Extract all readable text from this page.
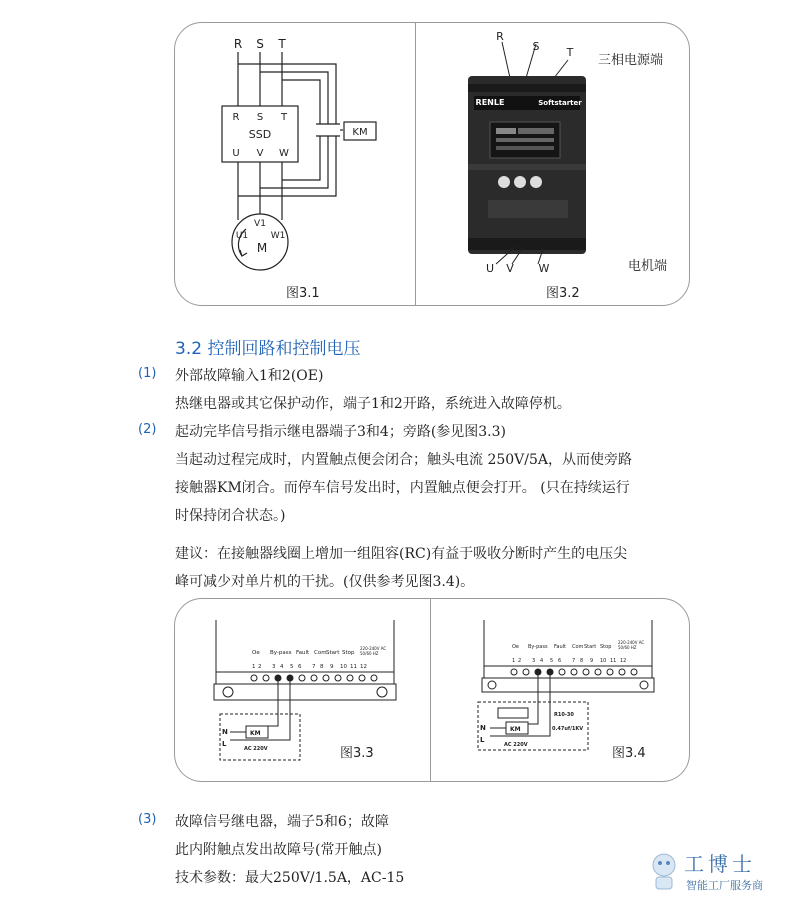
R S T
R S T
SSD
U V W
KM
V1
U1	W1
M
图3.1
R
S T
RENLE	Softstarter
U V W
三相电源端
电机端
图3.2
3.2 控制回路和控制电压
(1) 外部故障输入1和2(OE)
热继电器或其它保护动作，端子1和2开路，系统进入故障停机。
(2) 起动完毕信号指示继电器端子3和4；旁路(参见图3.3)
当起动过程完成时，内置触点便会闭合；触头电流 250V/5A，从而使旁路
接触器KM闭合。而停车信号发出时，内置触点便会打开。 (只在持续运行
时保持闭合状态。)
建议：在接触器线圈上增加一组阻容(RC)有益于吸收分断时产生的电压尖
峰可减少对单片机的干扰。(仅供参考见图3.4)。
Oe By-pass Fault Com Start Stop
220-240V AC
50/60 HZ
1 2 3 4 5 6 7 8 9 10 11 12
N
L
KM
AC 220V	图3.3
Oe By-pass Fault Com Start Stop
220-240V AC
50/60 HZ
1 2 3 4 5 6 7 8 9 10 11 12
N
L
KM
AC 220V
R10-30
0.47uf/1KV
图3.4
(3) 故障信号继电器，端子5和6；故障
此内附触点发出故障号(常开触点)
技术参数：最大250V/1.5A，AC-15
工博士
智能工厂服务商
